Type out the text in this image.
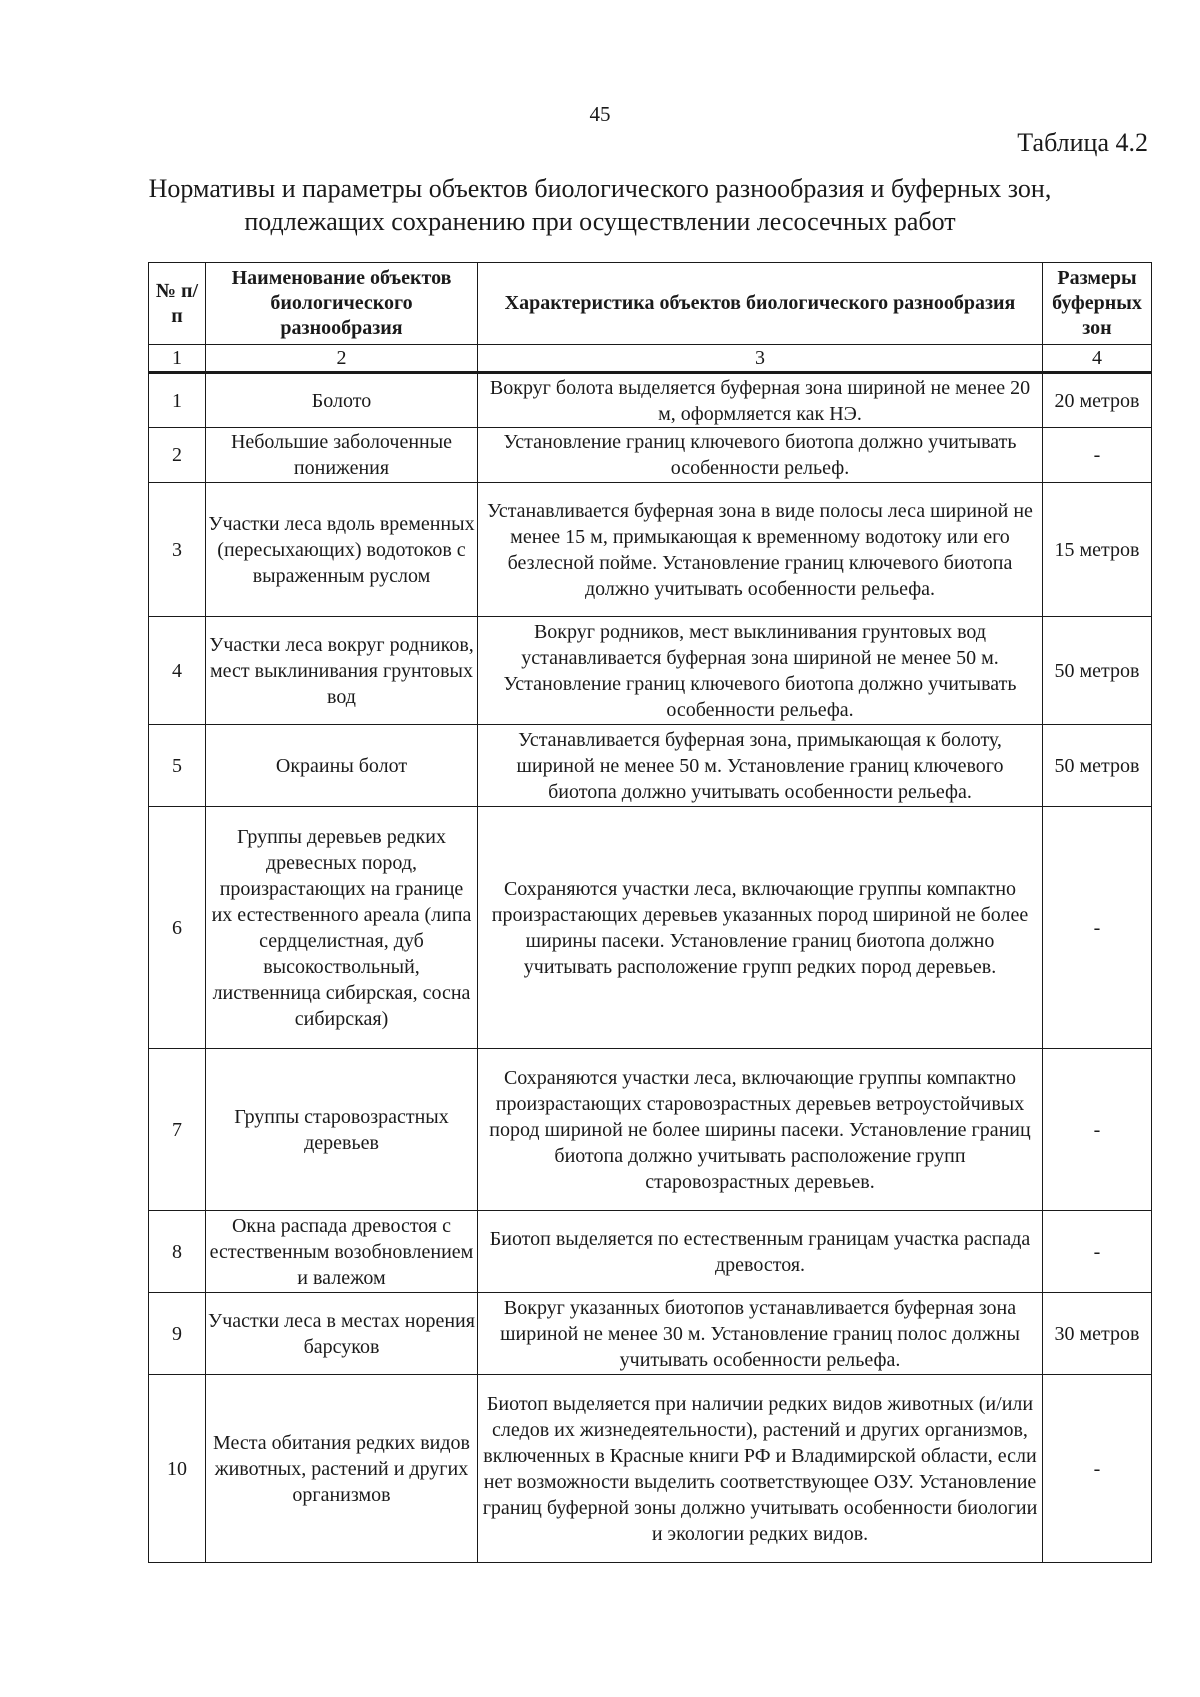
45
Таблица 4.2
Нормативы и параметры объектов биологического разнообразия и буферных зон,
подлежащих сохранению при осуществлении лесосечных работ
№ п/п	Наименование объектов биологического разнообразия	Характеристика объектов биологического разнообразия	Размеры буферных зон
1	2	3	4
1	Болото	Вокруг болота выделяется буферная зона шириной не менее 20 м, оформляется как НЭ.	20 метров
2	Небольшие заболоченные понижения	Установление границ ключевого биотопа должно учитывать особенности рельеф.	-
3	Участки леса вдоль временных (пересыхающих) водотоков с выраженным руслом	Устанавливается буферная зона в виде полосы леса шириной не менее 15 м, примыкающая к временному водотоку или его безлесной пойме. Установление границ ключевого биотопа должно учитывать особенности рельефа.	15 метров
4	Участки леса вокруг родников, мест выклинивания грунтовых вод	Вокруг родников, мест выклинивания грунтовых вод устанавливается буферная зона шириной не менее 50 м. Установление границ ключевого биотопа должно учитывать особенности рельефа.	50 метров
5	Окраины болот	Устанавливается буферная зона, примыкающая к болоту, шириной не менее 50 м. Установление границ ключевого биотопа должно учитывать особенности рельефа.	50 метров
6	Группы деревьев редких древесных пород, произрастающих на границе их естественного ареала (липа сердцелистная, дуб высокоствольный, лиственница сибирская, сосна сибирская)	Сохраняются участки леса, включающие группы компактно произрастающих деревьев указанных пород шириной не более ширины пасеки. Установление границ биотопа должно учитывать расположение групп редких пород деревьев.	-
7	Группы старовозрастных деревьев	Сохраняются участки леса, включающие группы компактно произрастающих старовозрастных деревьев ветроустойчивых пород шириной не более ширины пасеки. Установление границ биотопа должно учитывать расположение групп старовозрастных деревьев.	-
8	Окна распада древостоя с естественным возобновлением и валежом	Биотоп выделяется по естественным границам участка распада древостоя.	-
9	Участки леса в местах норения барсуков	Вокруг указанных биотопов устанавливается буферная зона шириной не менее 30 м. Установление границ полос должны учитывать особенности рельефа.	30 метров
10	Места обитания редких видов животных, растений и других организмов	Биотоп выделяется при наличии редких видов животных (и/или следов их жизнедеятельности), растений и других организмов, включенных в Красные книги РФ и Владимирской области, если нет возможности выделить соответствующее ОЗУ. Установление границ буферной зоны должно учитывать особенности биологии и экологии редких видов.	-
